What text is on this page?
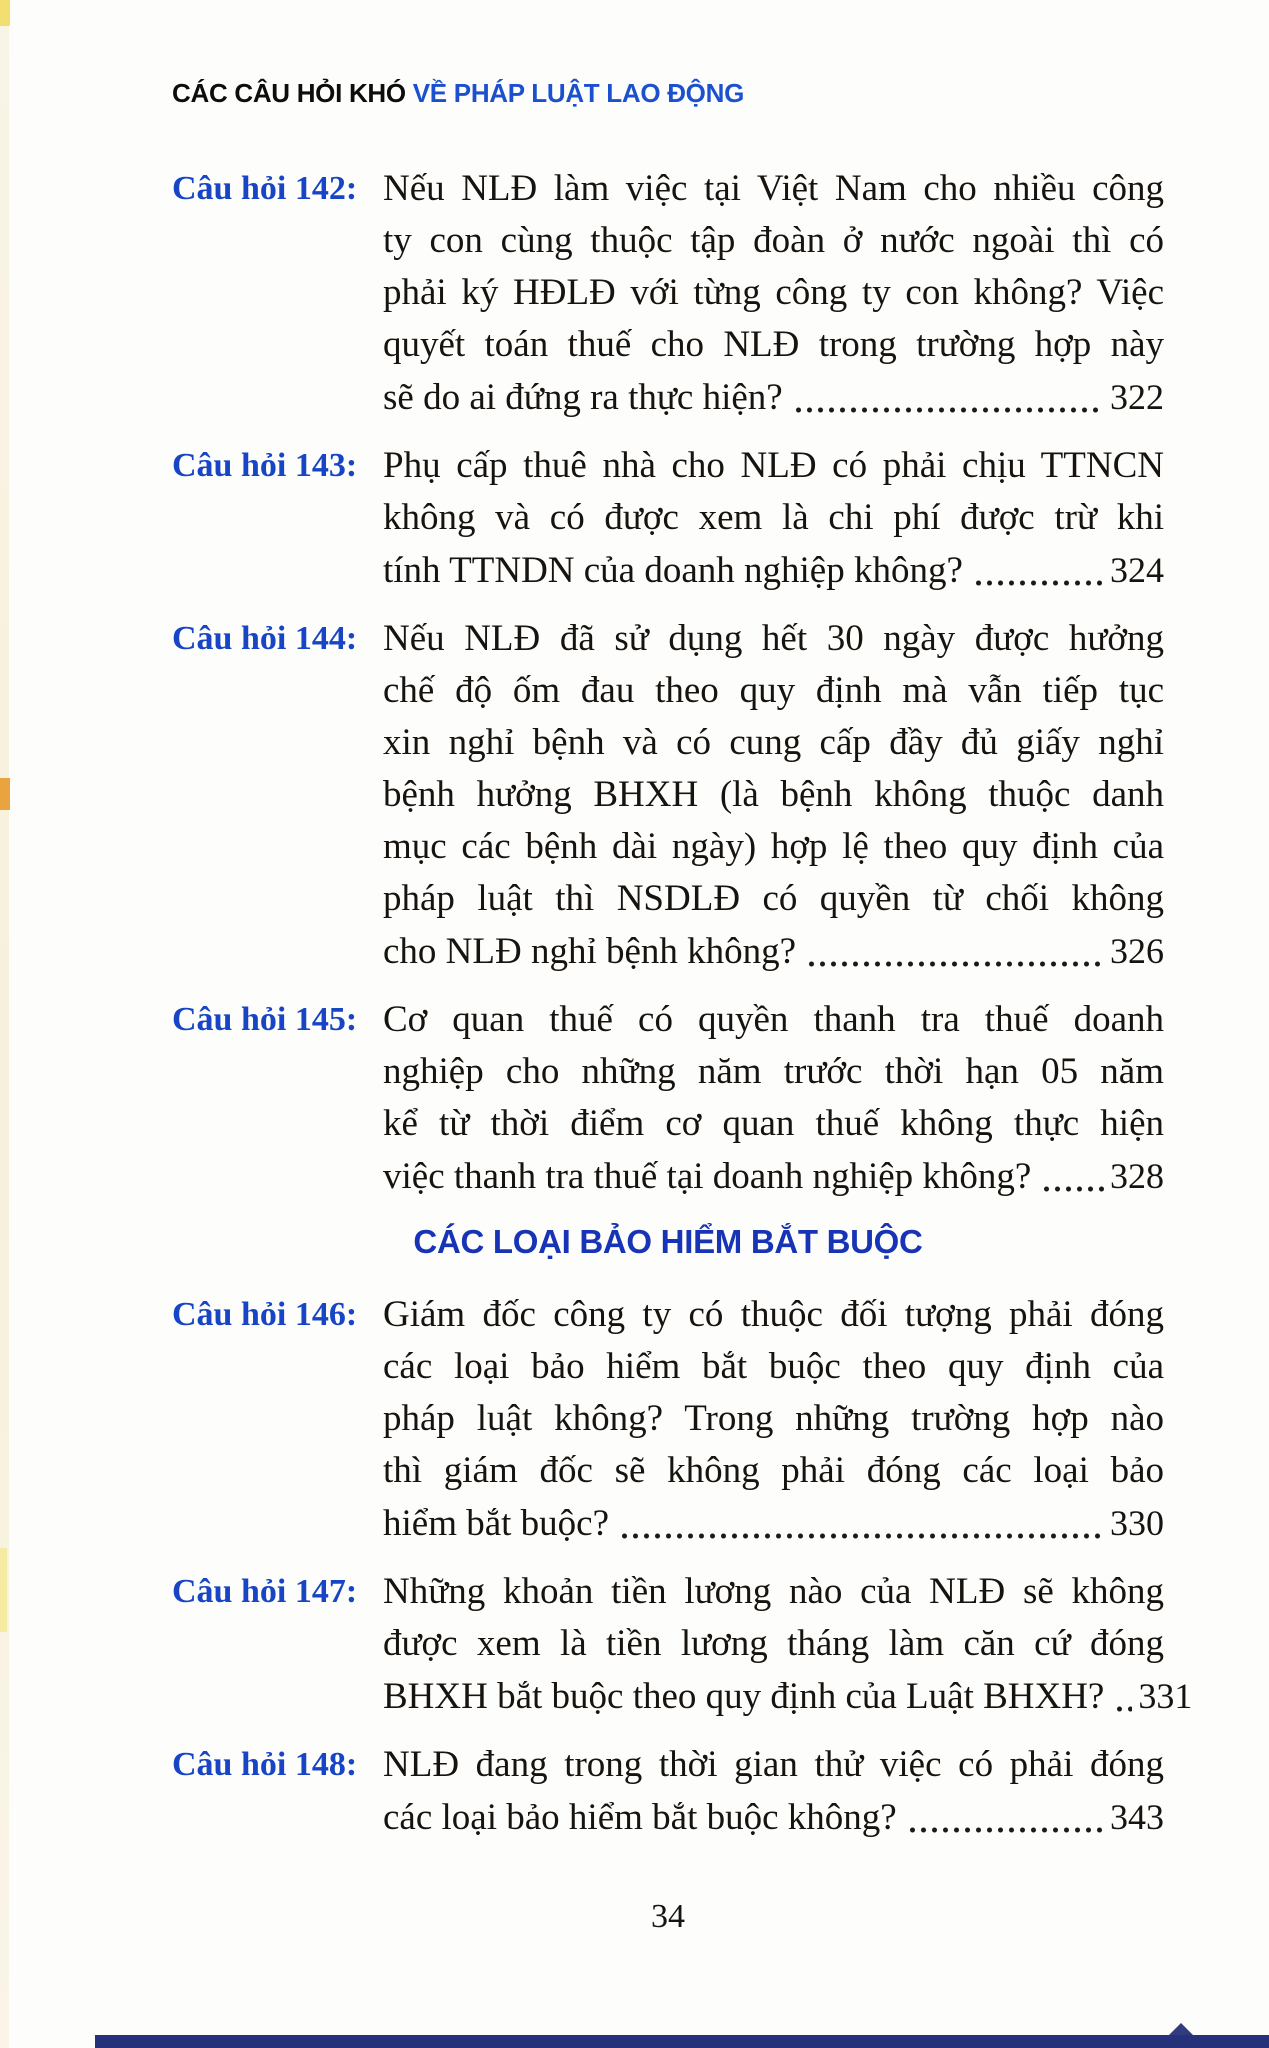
CÁC CÂU HỎI KHÓ VỀ PHÁP LUẬT LAO ĐỘNG
Câu hỏi 142: Nếu NLĐ làm việc tại Việt Nam cho nhiều công
ty con cùng thuộc tập đoàn ở nước ngoài thì có
phải ký HĐLĐ với từng công ty con không? Việc
quyết toán thuế cho NLĐ trong trường hợp này
sẽ do ai đứng ra thực hiện?	322
Câu hỏi 143: Phụ cấp thuê nhà cho NLĐ có phải chịu TTNCN
không và có được xem là chi phí được trừ khi
tính TTNDN của doanh nghiệp không?	324
Câu hỏi 144: Nếu NLĐ đã sử dụng hết 30 ngày được hưởng
chế độ ốm đau theo quy định mà vẫn tiếp tục
xin nghỉ bệnh và có cung cấp đầy đủ giấy nghỉ
bệnh hưởng BHXH (là bệnh không thuộc danh
mục các bệnh dài ngày) hợp lệ theo quy định của
pháp luật thì NSDLĐ có quyền từ chối không
cho NLĐ nghỉ bệnh không?	326
Câu hỏi 145: Cơ quan thuế có quyền thanh tra thuế doanh
nghiệp cho những năm trước thời hạn 05 năm
kể từ thời điểm cơ quan thuế không thực hiện
việc thanh tra thuế tại doanh nghiệp không? 328
CÁC LOẠI BẢO HIỂM BẮT BUỘC
Câu hỏi 146: Giám đốc công ty có thuộc đối tượng phải đóng
các loại bảo hiểm bắt buộc theo quy định của
pháp luật không? Trong những trường hợp nào
thì giám đốc sẽ không phải đóng các loại bảo
hiểm bắt buộc?	330
Câu hỏi 147: Những khoản tiền lương nào của NLĐ sẽ không
được xem là tiền lương tháng làm căn cứ đóng
BHXH bắt buộc theo quy định của Luật BHXH? 331
Câu hỏi 148: NLĐ đang trong thời gian thử việc có phải đóng
các loại bảo hiểm bắt buộc không?	343
34
